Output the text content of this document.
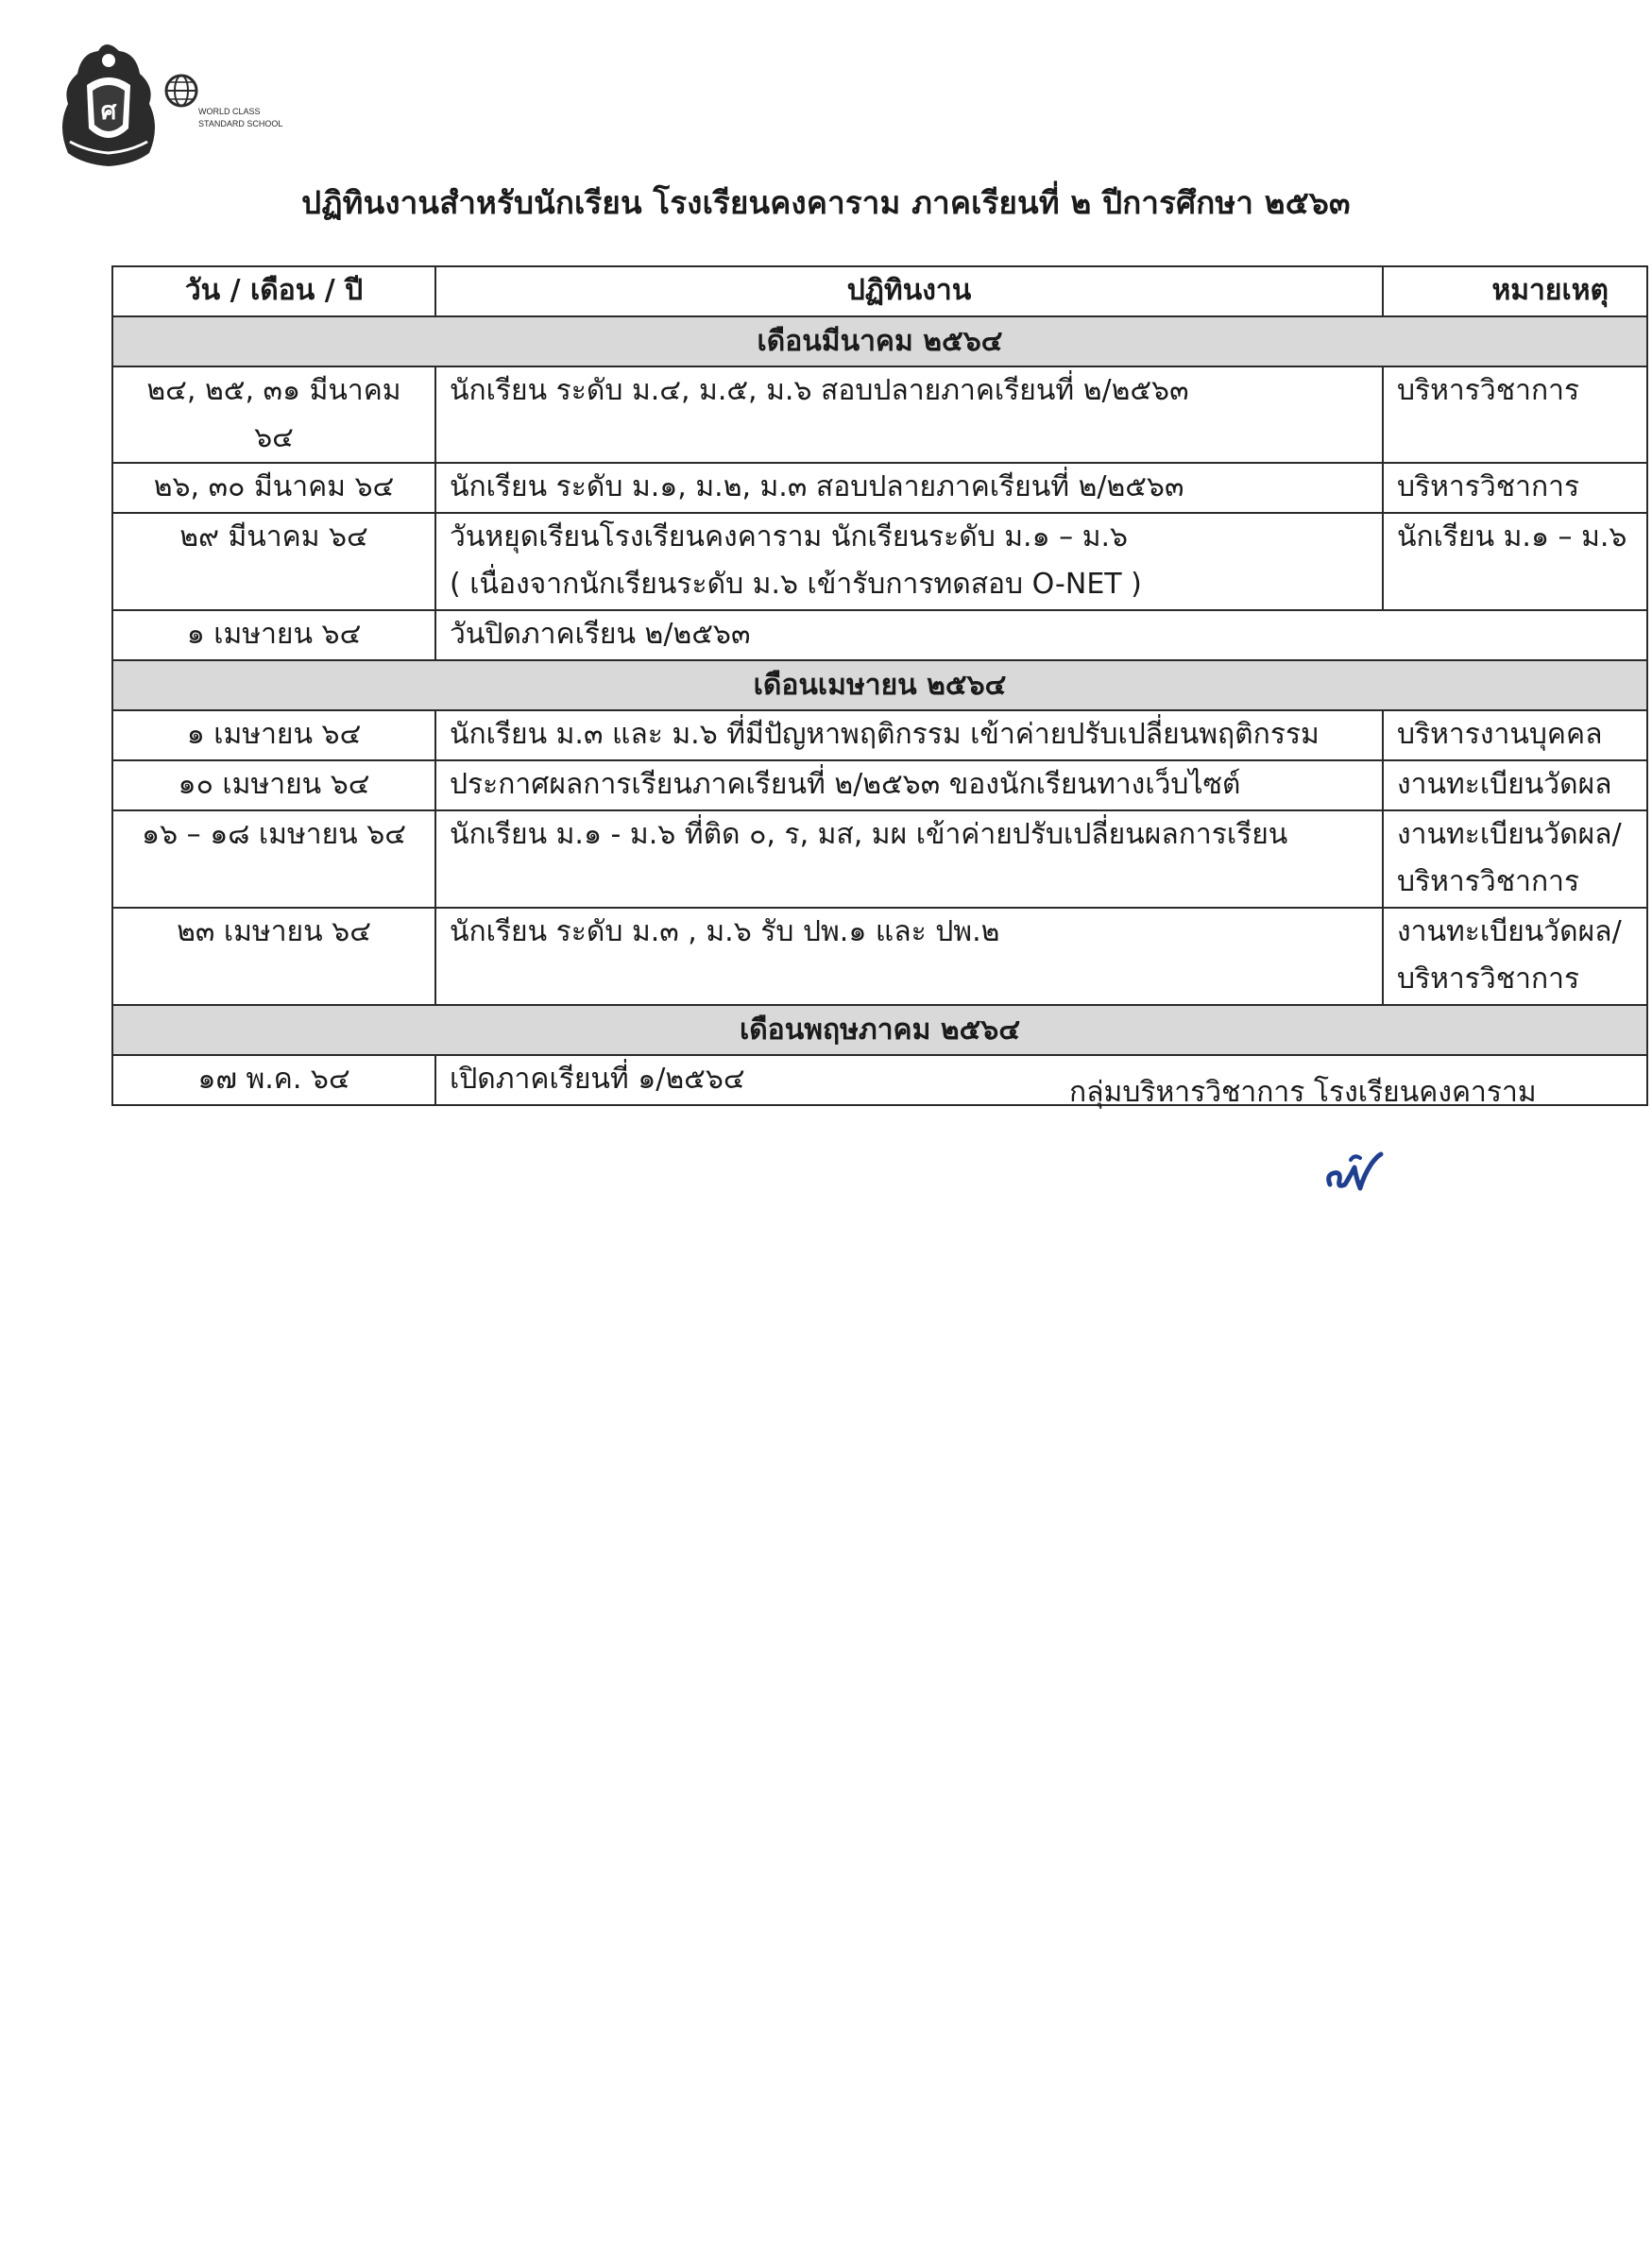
ศ	WORLD CLASS
STANDARD SCHOOL
ปฏิทินงานสำหรับนักเรียน โรงเรียนคงคาราม ภาคเรียนที่ ๒ ปีการศึกษา ๒๕๖๓
วัน / เดือน / ปี	ปฏิทินงาน	หมายเหตุ
เดือนมีนาคม ๒๕๖๔		
๒๔, ๒๕, ๓๑ มีนาคม ๖๔	นักเรียน ระดับ ม.๔, ม.๕, ม.๖ สอบปลายภาคเรียนที่ ๒/๒๕๖๓	บริหารวิชาการ

๒๖, ๓๐ มีนาคม ๖๔	นักเรียน ระดับ ม.๑, ม.๒, ม.๓ สอบปลายภาคเรียนที่ ๒/๒๕๖๓	บริหารวิชาการ

๒๙ มีนาคม ๖๔	วันหยุดเรียนโรงเรียนคงคาราม นักเรียนระดับ ม.๑ – ม.๖
( เนื่องจากนักเรียนระดับ ม.๖ เข้ารับการทดสอบ O-NET )	นักเรียน ม.๑ – ม.๖

๑ เมษายน ๖๔	วันปิดภาคเรียน ๒/๒๕๖๓	

เดือนเมษายน ๒๕๖๔		
๑ เมษายน ๖๔	นักเรียน ม.๓ และ ม.๖ ที่มีปัญหาพฤติกรรม เข้าค่ายปรับเปลี่ยนพฤติกรรม	บริหารงานบุคคล

๑๐ เมษายน ๖๔	ประกาศผลการเรียนภาคเรียนที่ ๒/๒๕๖๓ ของนักเรียนทางเว็บไซต์	งานทะเบียนวัดผล

๑๖ – ๑๘ เมษายน ๖๔	นักเรียน ม.๑ - ม.๖ ที่ติด ๐, ร, มส, มผ เข้าค่ายปรับเปลี่ยนผลการเรียน	งานทะเบียนวัดผล/
บริหารวิชาการ

๒๓ เมษายน ๖๔	นักเรียน ระดับ ม.๓ , ม.๖ รับ ปพ.๑ และ ปพ.๒	งานทะเบียนวัดผล/
บริหารวิชาการ

เดือนพฤษภาคม ๒๕๖๔		
๑๗ พ.ค. ๖๔	เปิดภาคเรียนที่ ๑/๒๕๖๔		กลุ่มบริหารวิชาการ โรงเรียนคงคาราม
